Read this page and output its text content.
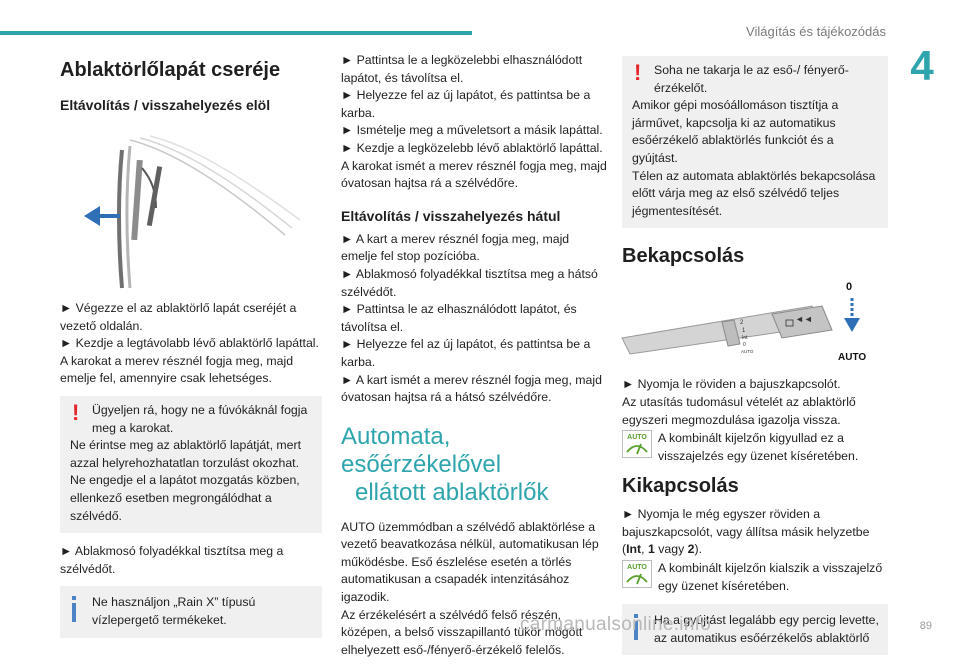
Világítás és tájékozódás
4
Ablaktörlőlapát cseréje
Eltávolítás / visszahelyezés elöl
► Végezze el az ablaktörlő lapát cseréjét a vezető oldalán.
► Kezdje a legtávolabb lévő ablaktörlő lapáttal.
A karokat a merev résznél fogja meg, majd emelje fel, amennyire csak lehetséges.
!	Ügyeljen rá, hogy ne a fúvókáknál fogja meg a karokat.
Ne érintse meg az ablaktörlő lapátját, mert azzal helyrehozhatatlan torzulást okozhat.
Ne engedje el a lapátot mozgatás közben, ellenkező esetben megrongálódhat a szélvédő.
► Ablakmosó folyadékkal tisztítsa meg a szélvédőt.
Ne használjon „Rain X” típusú vízlepergető termékeket.
► Pattintsa le a legközelebbi elhasználódott lapátot, és távolítsa el.
► Helyezze fel az új lapátot, és pattintsa be a karba.
► Ismételje meg a műveletsort a másik lapáttal.
► Kezdje a legközelebb lévő ablaktörlő lapáttal.
A karokat ismét a merev résznél fogja meg, majd óvatosan hajtsa rá a szélvédőre.
Eltávolítás / visszahelyezés hátul
► A kart a merev résznél fogja meg, majd emelje fel stop pozícióba.
► Ablakmosó folyadékkal tisztítsa meg a hátsó szélvédőt.
► Pattintsa le az elhasználódott lapátot, és távolítsa el.
► Helyezze fel az új lapátot, és pattintsa be a karba.
► A kart ismét a merev résznél fogja meg, majd óvatosan hajtsa rá a hátsó szélvédőre.
Automata, esőérzékelővel
ellátott ablaktörlők
AUTO üzemmódban a szélvédő ablaktörlése a vezető beavatkozása nélkül, automatikusan lép működésbe. Eső észlelése esetén a törlés automatikusan a csapadék intenzitásához igazodik.
Az érzékelésért a szélvédő felső részén, középen, a belső visszapillantó tükör mögött elhelyezett eső-/fényerő-érzékelő felelős.
!	Soha ne takarja le az eső-/ fényerő-érzékelőt.
Amikor gépi mosóállomáson tisztítja a járművet, kapcsolja ki az automatikus esőérzékelő ablaktörlés funkciót és a gyújtást.
Télen az automata ablaktörlés bekapcsolása előtt várja meg az első szélvédő teljes jégmentesítését.
Bekapcsolás
2
1
Int
0
AUTO
◄◄
0
AUTO
► Nyomja le röviden a bajuszkapcsolót.
Az utasítás tudomásul vételét az ablaktörlő egyszeri megmozdulása igazolja vissza.
AUTO A kombinált kijelzőn kigyullad ez a visszajelzés egy üzenet kíséretében.
Kikapcsolás
► Nyomja le még egyszer röviden a bajuszkapcsolót, vagy állítsa másik helyzetbe (Int, 1 vagy 2).
AUTO A kombinált kijelzőn kialszik a visszajelző egy üzenet kíséretében.
Ha a gyújtást legalább egy percig levette, az automatikus esőérzékelős ablaktörlő
89
carmanualsonline.info
